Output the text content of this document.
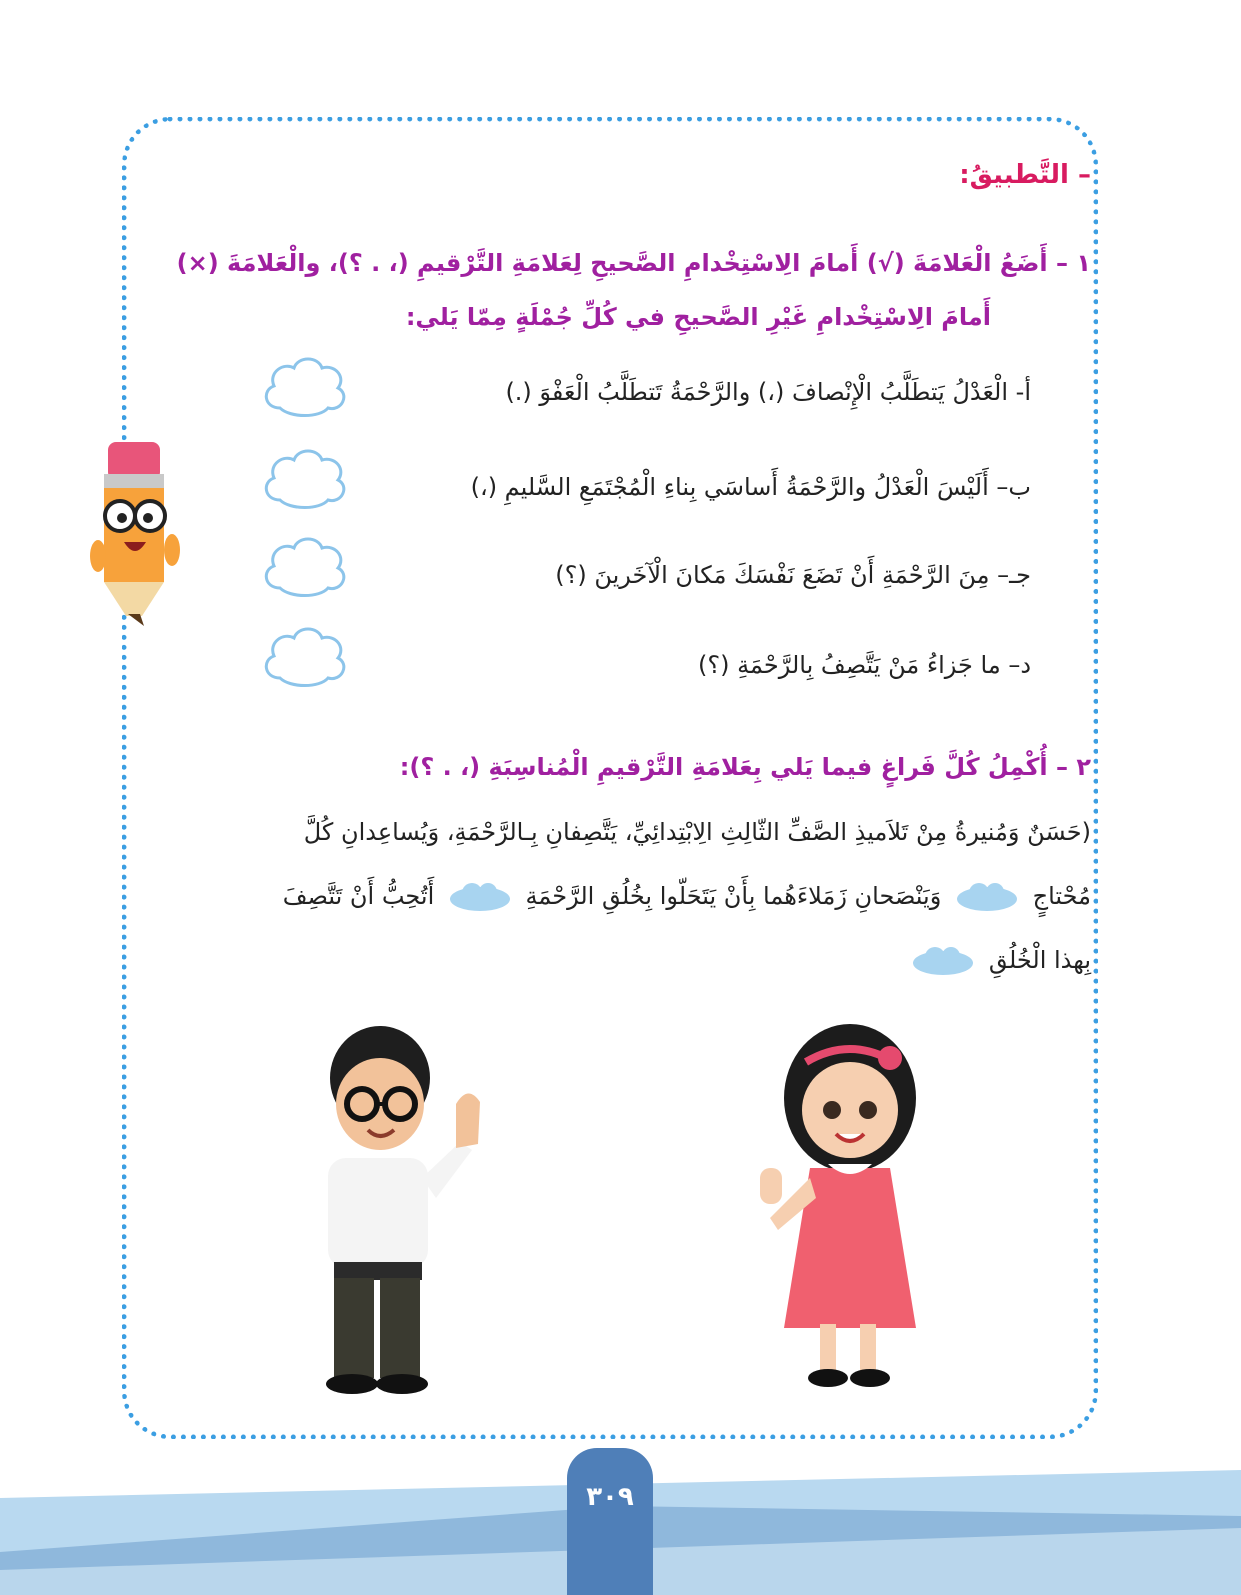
– التَّطبيقُ:
١ – أَضَعُ الْعَلامَةَ (√) أَمامَ الِاسْتِخْدامِ الصَّحيحِ لِعَلامَةِ التَّرْقيمِ (، . ؟)، والْعَلامَةَ (×)
أَمامَ الِاسْتِخْدامِ غَيْرِ الصَّحيحِ في كُلِّ جُمْلَةٍ مِمّا يَلي:
أ- الْعَدْلُ يَتطَلَّبُ الْإِنْصافَ (،) والرَّحْمَةُ تَتطَلَّبُ الْعَفْوَ (.)
ب– أَلَيْسَ الْعَدْلُ والرَّحْمَةُ أَساسَي بِناءِ الْمُجْتَمَعِ السَّليمِ (،)
جـ– مِنَ الرَّحْمَةِ أَنْ تَضَعَ نَفْسَكَ مَكانَ الْآخَرينَ (؟)
د– ما جَزاءُ مَنْ يَتَّصِفُ بِالرَّحْمَةِ (؟)
٢ – أُكْمِلُ كُلَّ فَراغٍ فيما يَلي بِعَلامَةِ التَّرْقيمِ الْمُناسِبَةِ (، . ؟):
(حَسَنٌ وَمُنيرةُ مِنْ تَلاَميذِ الصَّفِّ الثّالِثِ الِابْتِدائِيِّ، يَتَّصِفانِ بِـالرَّحْمَةِ، وَيُساعِدانِ كُلَّ
مُحْتاجٍ  وَيَنْصَحانِ زَمَلاءَهُما بِأَنْ يَتَحَلّوا بِخُلُقِ الرَّحْمَةِ  أَتُحِبُّ أَنْ تَتَّصِفَ
بِهذا الْخُلُقِ
٣٠٩
